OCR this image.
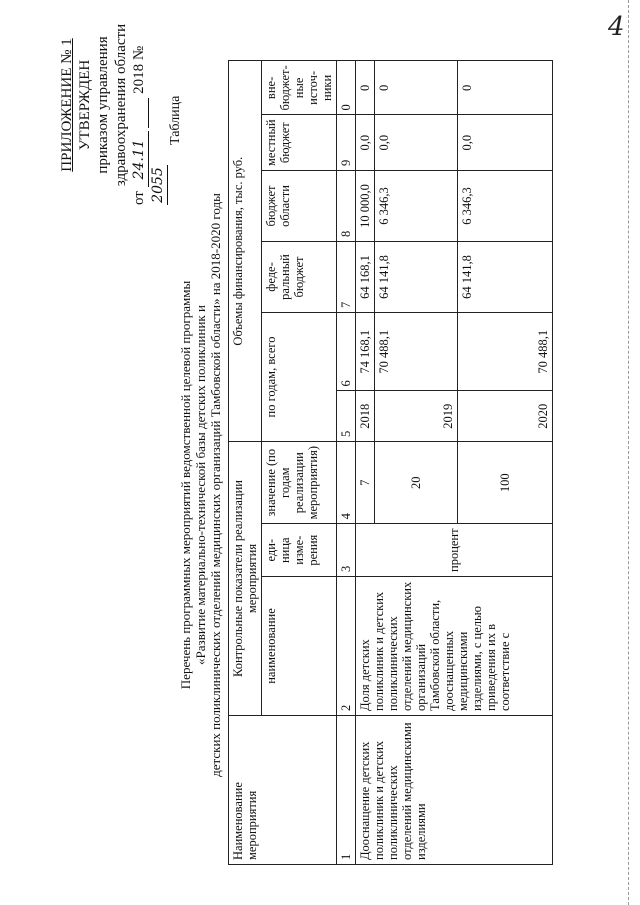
4
ПРИЛОЖЕНИЕ № 1 УТВЕРЖДЕН приказом управления здравоохранения области
от 24.11   2018 № 2055
Таблица
Перечень программных мероприятий ведомственной целевой программы «Развитие материально-технической базы детских поликлиник и детских поликлинических отделений медицинских организаций Тамбовской области» на 2018-2020 годы
Наименование мероприятия	Контрольные показатели реализации мероприятия			Объемы финансирования, тыс. руб.					
	наименование	еди-ница изме-рения	значение (по годам реализации мероприятия)	по годам, всего		феде-ральный бюджет	бюджет области	местный бюджет	вне-бюджет-ные источ-ники
1	2	3	4	5	6	7	8	9	0
Дооснащение детских поликлиник и детских поликлинических отделений медицинскими изделиями	Доля детских поликлиник и детских поликлинических отделений медицинских организаций Тамбовской области, дооснащенных медицинскими изделиями, с целью приведения их в соответствие с	процент	7	2018	74 168,1	64 168,1	10 000,0	0,0	0
			20	2019	70 488,1	64 141,8	6 346,3	0,0	0
			100	2020	70 488,1	64 141,8	6 346,3	0,0	0
